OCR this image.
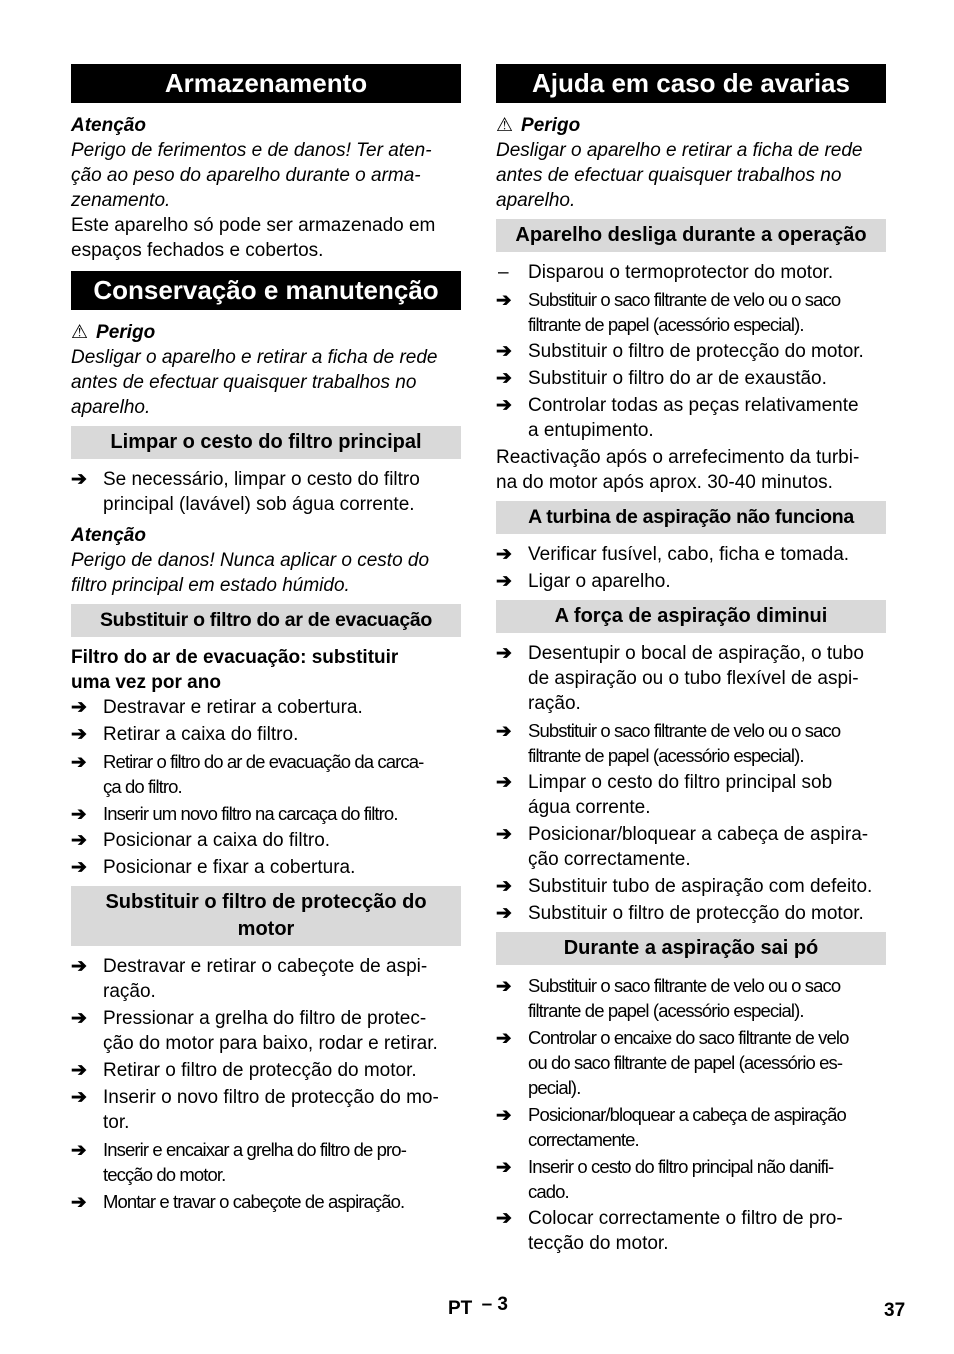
Armazenamento
Atenção
Perigo de ferimentos e de danos! Ter aten-
ção ao peso do aparelho durante o arma-
zenamento.
Este aparelho só pode ser armazenado em
espaços fechados e cobertos.
Conservação e manutenção
⚠ Perigo
Desligar o aparelho e retirar a ficha de rede
antes de efectuar quaisquer trabalhos no
aparelho.
Limpar o cesto do filtro principal
➔ Se necessário, limpar o cesto do filtro
principal (lavável) sob água corrente.
Atenção
Perigo de danos! Nunca aplicar o cesto do
filtro principal em estado húmido.
Substituir o filtro do ar de evacuação
Filtro do ar de evacuação: substituir
uma vez por ano
➔ Destravar e retirar a cobertura.
➔ Retirar a caixa do filtro.
➔ Retirar o filtro do ar de evacuação da carca-
ça do filtro.
➔ Inserir um novo filtro na carcaça do filtro.
➔ Posicionar a caixa do filtro.
➔ Posicionar e fixar a cobertura.
Substituir o filtro de protecção do
motor
➔ Destravar e retirar o cabeçote de aspi-
ração.
➔ Pressionar a grelha do filtro de protec-
ção do motor para baixo, rodar e retirar.
➔ Retirar o filtro de protecção do motor.
➔ Inserir o novo filtro de protecção do mo-
tor.
➔ Inserir e encaixar a grelha do filtro de pro-
tecção do motor.
➔ Montar e travar o cabeçote de aspiração.
Ajuda em caso de avarias
⚠ Perigo
Desligar o aparelho e retirar a ficha de rede
antes de efectuar quaisquer trabalhos no
aparelho.
Aparelho desliga durante a operação
– Disparou o termoprotector do motor.
➔ Substituir o saco filtrante de velo ou o saco
filtrante de papel (acessório especial).
➔ Substituir o filtro de protecção do motor.
➔ Substituir o filtro do ar de exaustão.
➔ Controlar todas as peças relativamente
a entupimento.
Reactivação após o arrefecimento da turbi-
na do motor após aprox. 30-40 minutos.
A turbina de aspiração não funciona
➔ Verificar fusível, cabo, ficha e tomada.
➔ Ligar o aparelho.
A força de aspiração diminui
➔ Desentupir o bocal de aspiração, o tubo
de aspiração ou o tubo flexível de aspi-
ração.
➔ Substituir o saco filtrante de velo ou o saco
filtrante de papel (acessório especial).
➔ Limpar o cesto do filtro principal sob
água corrente.
➔ Posicionar/bloquear a cabeça de aspira-
ção correctamente.
➔ Substituir tubo de aspiração com defeito.
➔ Substituir o filtro de protecção do motor.
Durante a aspiração sai pó
➔ Substituir o saco filtrante de velo ou o saco
filtrante de papel (acessório especial).
➔ Controlar o encaixe do saco filtrante de velo
ou do saco filtrante de papel (acessório es-
pecial).
➔ Posicionar/bloquear a cabeça de aspiração
correctamente.
➔ Inserir o cesto do filtro principal não danifi-
cado.
➔ Colocar correctamente o filtro de pro-
tecção do motor.
PT – 3	37
